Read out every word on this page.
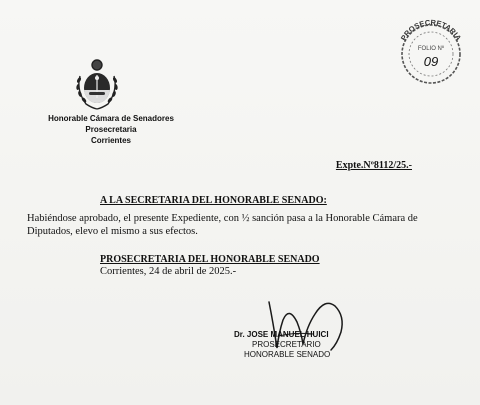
Honorable Cámara de Senadores
Prosecretaria
Corrientes
PROSECRETARIA
FOLIO Nº
09
Expte.Nº8112/25.-
A LA SECRETARIA DEL HONORABLE SENADO:
Habiéndose aprobado, el presente Expediente, con ½ sanción pasa a la Honorable Cámara de Diputados, elevo el mismo a sus efectos.
PROSECRETARIA DEL HONORABLE SENADO
Corrientes, 24 de abril de 2025.-
Dr. JOSE MANUEL HUICI
PROSECRETARIO
HONORABLE SENADO
